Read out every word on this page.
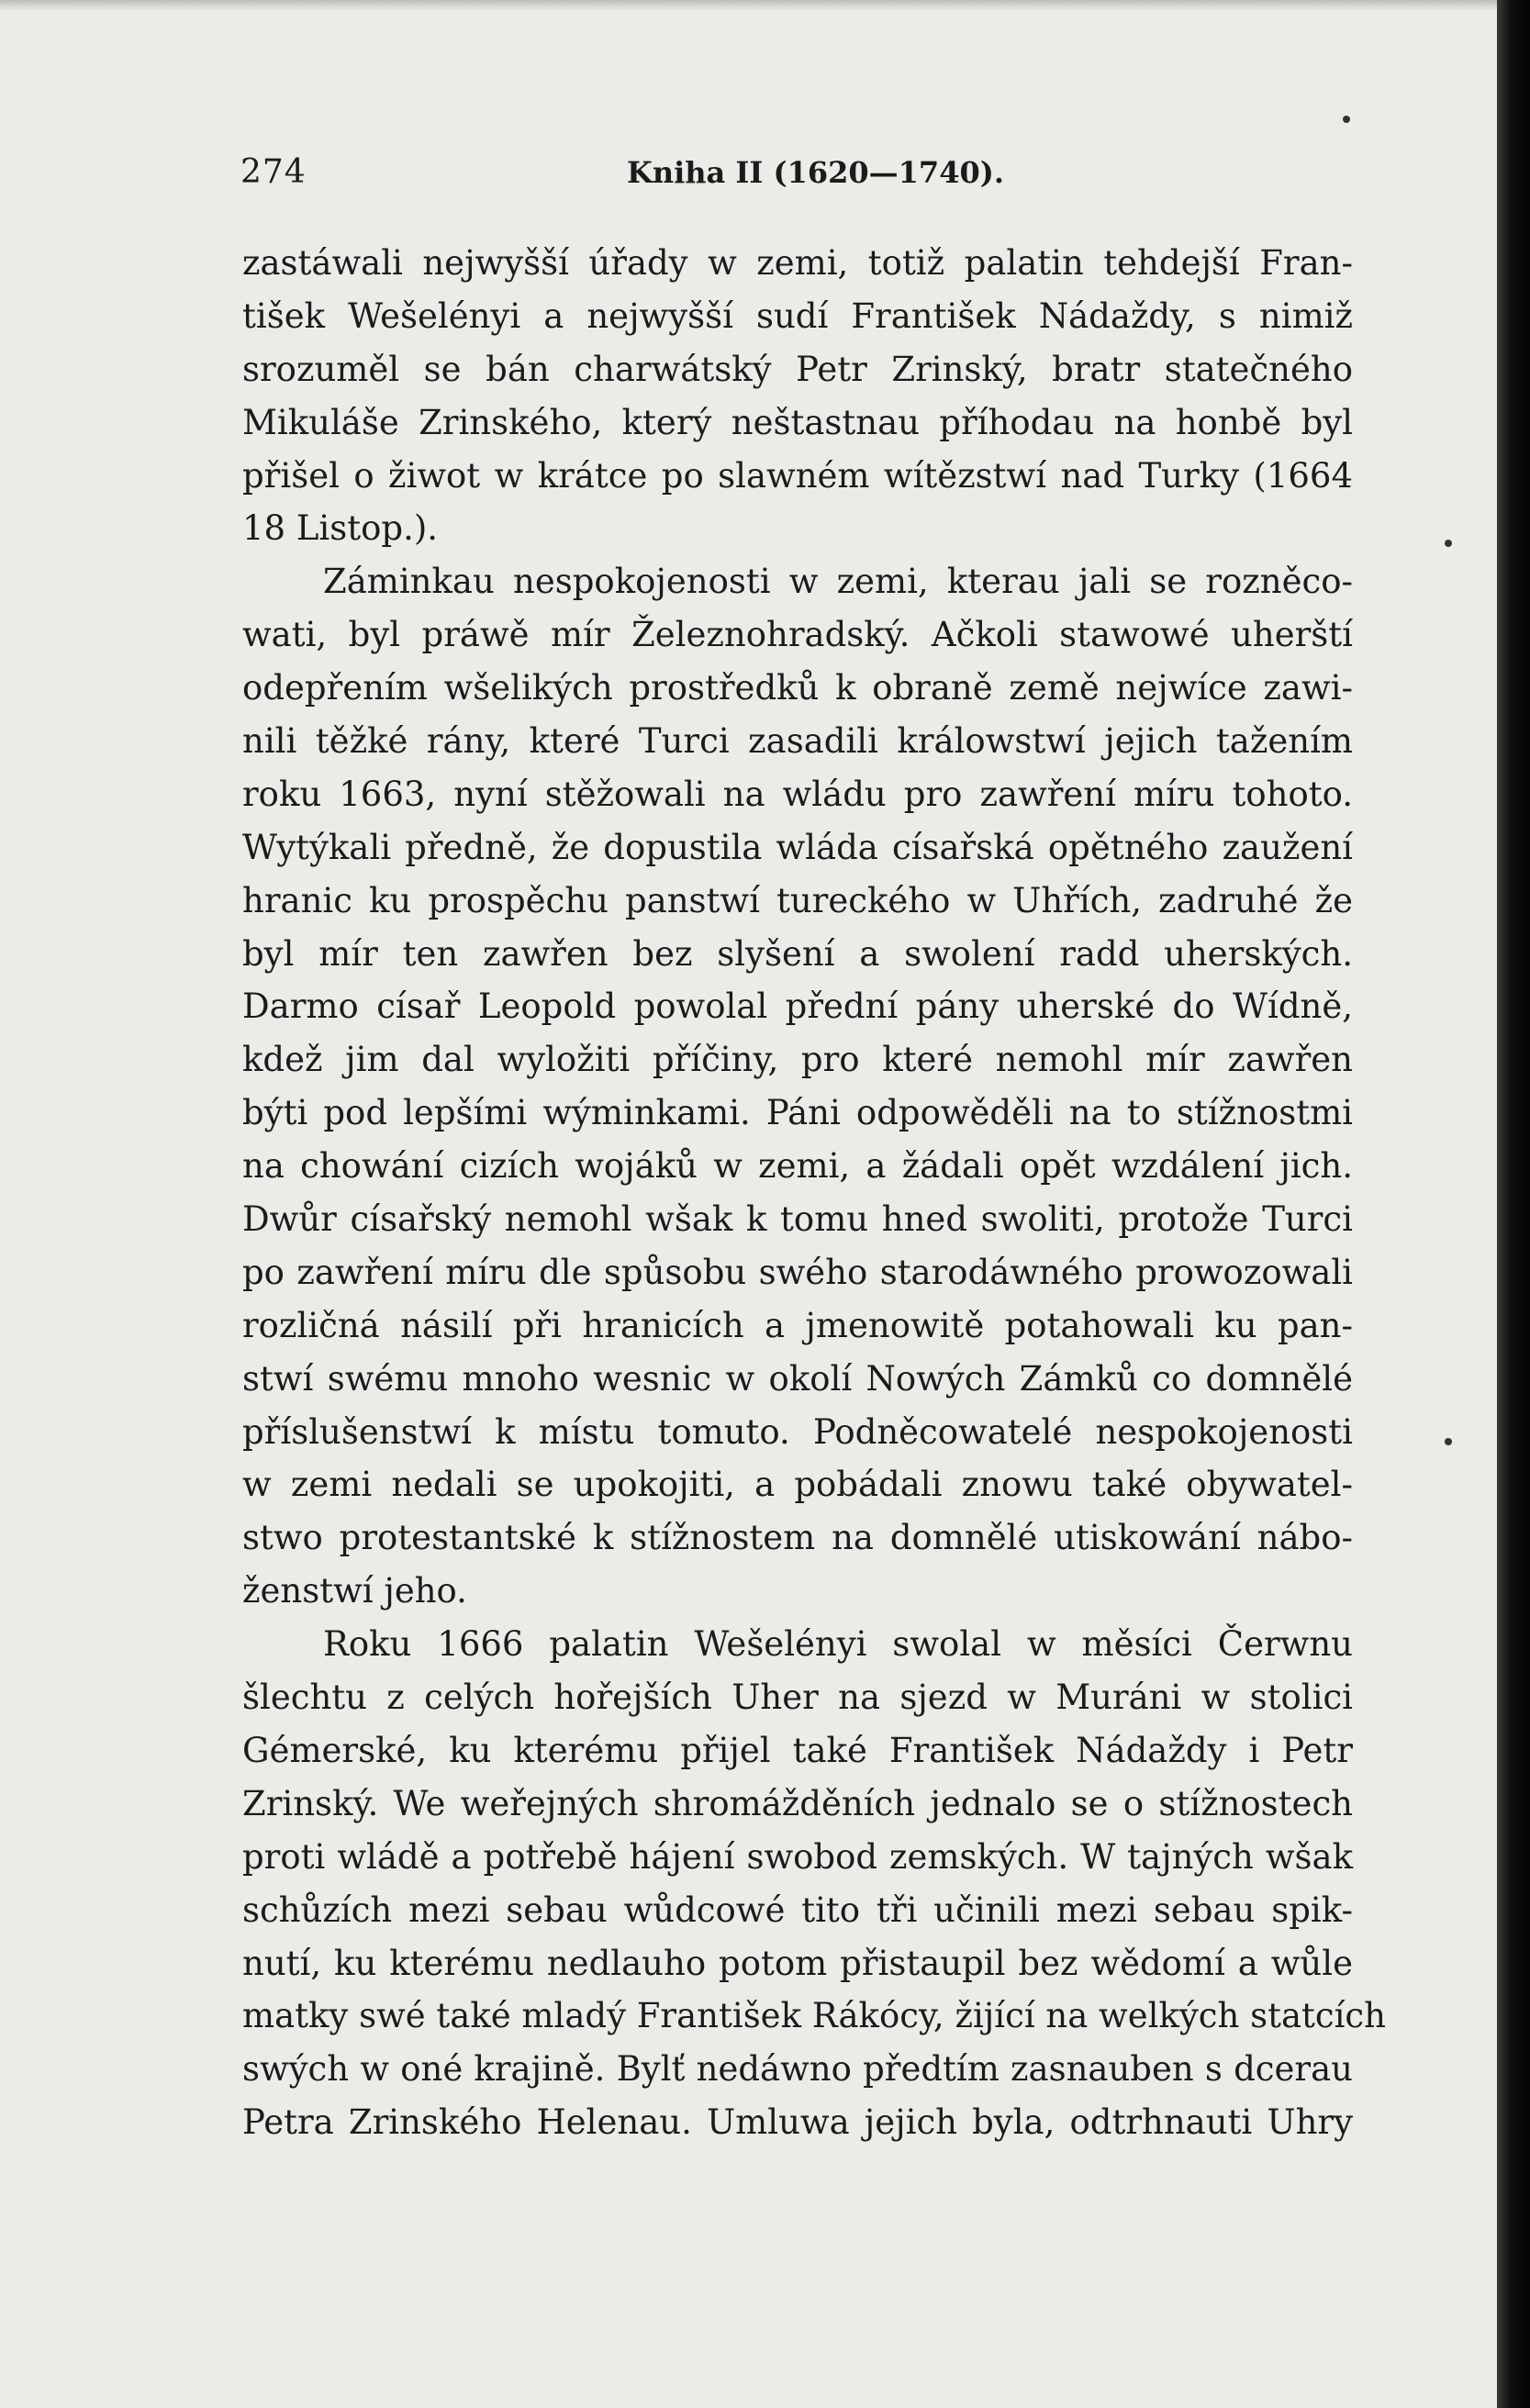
274	Kniha II (1620—1740).
zastáwali nejwyšší úřady w zemi, totiž palatin tehdejší Fran-
tišek Wešelényi a nejwyšší sudí František Nádaždy, s nimiž
srozuměl se bán charwátský Petr Zrinský, bratr statečného
Mikuláše Zrinského, který neštastnau příhodau na honbě byl
přišel o žiwot w krátce po slawném wítězstwí nad Turky (1664
18 Listop.).
Záminkau nespokojenosti w zemi, kterau jali se rozněco-
wati, byl práwě mír Železnohradský. Ačkoli stawowé uherští
odepřením wšelikých prostředků k obraně země nejwíce zawi-
nili těžké rány, které Turci zasadili králowstwí jejich tažením
roku 1663, nyní stěžowali na wládu pro zawření míru tohoto.
Wytýkali předně, že dopustila wláda císařská opětného zaužení
hranic ku prospěchu panstwí tureckého w Uhřích, zadruhé že
byl mír ten zawřen bez slyšení a swolení radd uherských.
Darmo císař Leopold powolal přední pány uherské do Wídně,
kdež jim dal wyložiti příčiny, pro které nemohl mír zawřen
býti pod lepšími wýminkami. Páni odpowěděli na to stížnostmi
na chowání cizích wojáků w zemi, a žádali opět wzdálení jich.
Dwůr císařský nemohl wšak k tomu hned swoliti, protože Turci
po zawření míru dle spůsobu swého starodáwného prowozowali
rozličná násilí při hranicích a jmenowitě potahowali ku pan-
stwí swému mnoho wesnic w okolí Nowých Zámků co domnělé
příslušenstwí k místu tomuto. Podněcowatelé nespokojenosti
w zemi nedali se upokojiti, a pobádali znowu také obywatel-
stwo protestantské k stížnostem na domnělé utiskowání nábo-
ženstwí jeho.
Roku 1666 palatin Wešelényi swolal w měsíci Čerwnu
šlechtu z celých hořejších Uher na sjezd w Muráni w stolici
Gémerské, ku kterému přijel také František Nádaždy i Petr
Zrinský. We weřejných shromážděních jednalo se o stížnostech
proti wládě a potřebě hájení swobod zemských. W tajných wšak
schůzích mezi sebau wůdcowé tito tři učinili mezi sebau spik-
nutí, ku kterému nedlauho potom přistaupil bez wědomí a wůle
matky swé také mladý František Rákócy, žijící na welkých statcích
swých w oné krajině. Bylť nedáwno předtím zasnauben s dcerau
Petra Zrinského Helenau. Umluwa jejich byla, odtrhnauti Uhry
